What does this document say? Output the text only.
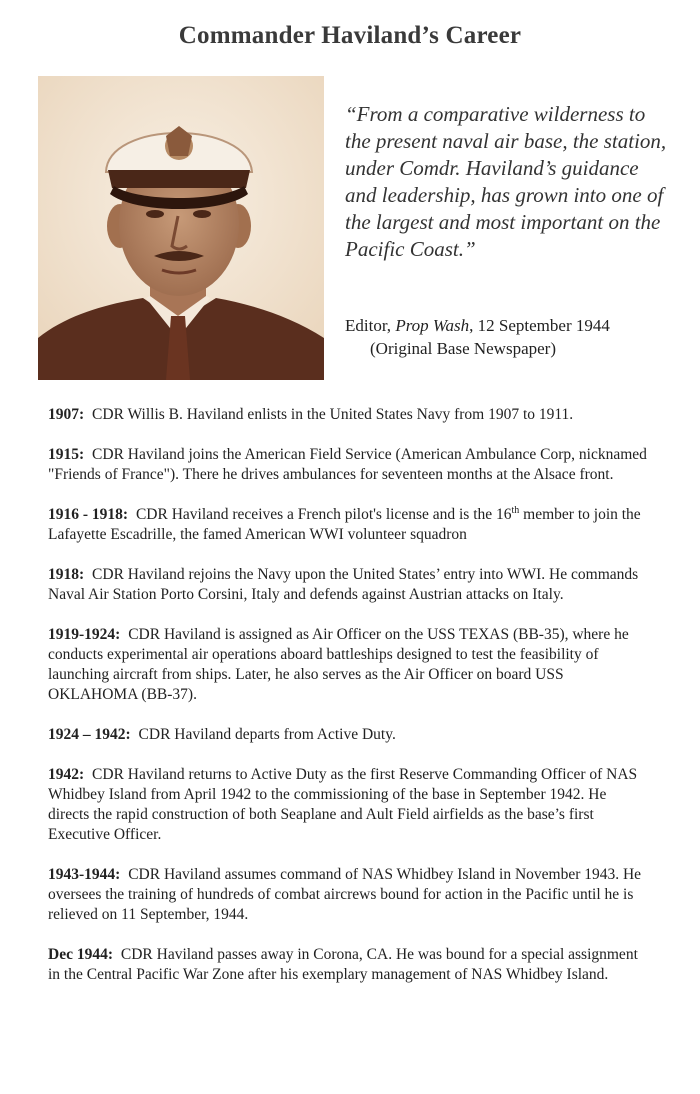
Commander Haviland’s Career
“From a comparative wilderness to the present naval air base, the station, under Comdr. Haviland’s guidance and leadership, has grown into one of the largest and most important on the Pacific Coast.”
Editor, Prop Wash, 12 September 1944
(Original Base Newspaper)
1907: CDR Willis B. Haviland enlists in the United States Navy from 1907 to 1911.
1915: CDR Haviland joins the American Field Service (American Ambulance Corp, nicknamed "Friends of France"). There he drives ambulances for seventeen months at the Alsace front.
1916 - 1918: CDR Haviland receives a French pilot's license and is the 16th member to join the Lafayette Escadrille, the famed American WWI volunteer squadron
1918: CDR Haviland rejoins the Navy upon the United States’ entry into WWI. He commands Naval Air Station Porto Corsini, Italy and defends against Austrian attacks on Italy.
1919-1924: CDR Haviland is assigned as Air Officer on the USS TEXAS (BB-35), where he conducts experimental air operations aboard battleships designed to test the feasibility of launching aircraft from ships. Later, he also serves as the Air Officer on board USS OKLAHOMA (BB-37).
1924 – 1942: CDR Haviland departs from Active Duty.
1942: CDR Haviland returns to Active Duty as the first Reserve Commanding Officer of NAS Whidbey Island from April 1942 to the commissioning of the base in September 1942. He directs the rapid construction of both Seaplane and Ault Field airfields as the base’s first Executive Officer.
1943-1944: CDR Haviland assumes command of NAS Whidbey Island in November 1943. He oversees the training of hundreds of combat aircrews bound for action in the Pacific until he is relieved on 11 September, 1944.
Dec 1944: CDR Haviland passes away in Corona, CA. He was bound for a special assignment in the Central Pacific War Zone after his exemplary management of NAS Whidbey Island.
